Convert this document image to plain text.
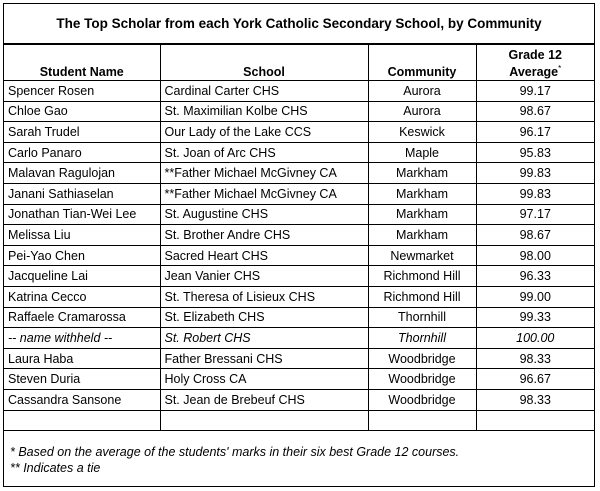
The Top Scholar from each York Catholic Secondary School, by Community
Student Name	School	Community	Grade 12
Average*
Spencer Rosen	Cardinal Carter CHS	Aurora	99.17
Chloe Gao	St. Maximilian Kolbe CHS	Aurora	98.67
Sarah Trudel	Our Lady of the Lake CCS	Keswick	96.17
Carlo Panaro	St. Joan of Arc CHS	Maple	95.83
Malavan Ragulojan	**Father Michael McGivney CA	Markham	99.83
Janani Sathiaselan	**Father Michael McGivney CA	Markham	99.83
Jonathan Tian-Wei Lee	St. Augustine CHS	Markham	97.17
Melissa Liu	St. Brother Andre CHS	Markham	98.67
Pei-Yao Chen	Sacred Heart CHS	Newmarket	98.00
Jacqueline Lai	Jean Vanier CHS	Richmond Hill	96.33
Katrina Cecco	St. Theresa of Lisieux CHS	Richmond Hill	99.00
Raffaele Cramarossa	St. Elizabeth CHS	Thornhill	99.33
-- name withheld --	St. Robert CHS	Thornhill	100.00
Laura Haba	Father Bressani CHS	Woodbridge	98.33
Steven Duria	Holy Cross CA	Woodbridge	96.67
Cassandra Sansone	St. Jean de Brebeuf CHS	Woodbridge	98.33

* Based on the average of the students' marks in their six best Grade 12 courses.
** Indicates a tie
